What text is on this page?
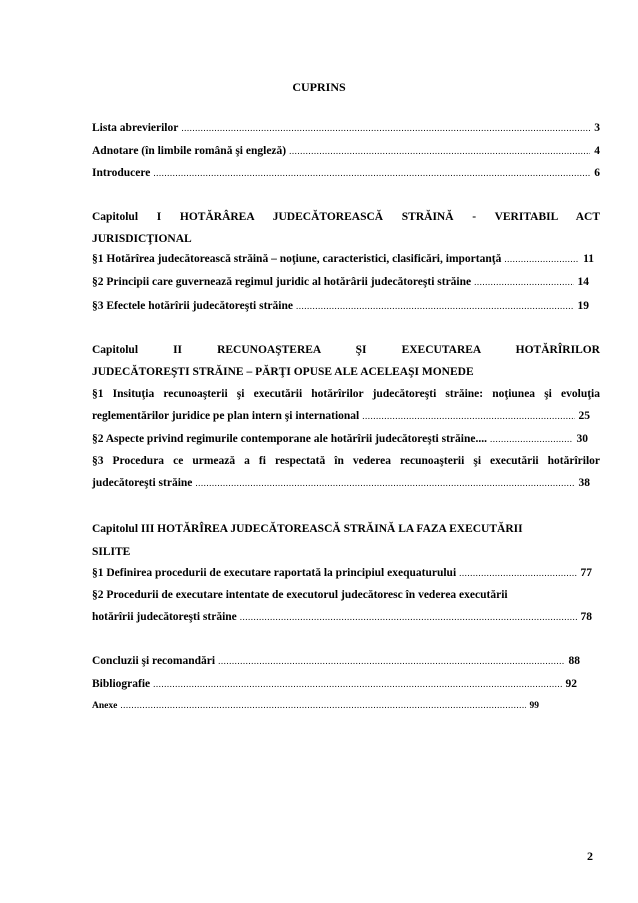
CUPRINS
Lista abrevierilor .....	3
Adnotare (în limbile română şi engleză) .....	4
Introducere .....	6
Capitolul I HOTĂRÂREA JUDECĂTOREASCĂ STRĂINĂ - VERITABIL ACT
JURISDICŢIONAL
§1 Hotărîrea judecătorească străină – noţiune, caracteristici, clasificări, importanţă .....	11
§2 Principii care guvernează regimul juridic al hotărârii judecătoreşti străine .....	14
§3 Efectele hotărîrii judecătoreşti străine .....	19
Capitolul II RECUNOAŞTEREA ŞI EXECUTAREA HOTĂRÎRILOR
JUDECĂTOREŞTI STRĂINE – PĂRŢI OPUSE ALE ACELEAŞI MONEDE
§1 Insituţia recunoaşterii şi executării hotărîrilor judecătoreşti străine: noţiunea şi evoluţia
reglementărilor juridice pe plan intern şi international .....	25
§2 Aspecte privind regimurile contemporane ale hotărîrii judecătoreşti străine.... .....	30
§3 Procedura ce urmează a fi respectată în vederea recunoaşterii şi executării hotărîrilor
judecătoreşti străine .....	38
Capitolul III HOTĂRÎREA JUDECĂTOREASCĂ STRĂINĂ LA FAZA EXECUTĂRII
SILITE
§1 Definirea procedurii de executare raportată la principiul exequaturului .....	77
§2 Procedurii de executare intentate de executorul judecătoresc în vederea executării
hotărîrii judecătoreşti străine .....	78
Concluzii şi recomandări .....	88
Bibliografie .....	92
Anexe .....	99
2
